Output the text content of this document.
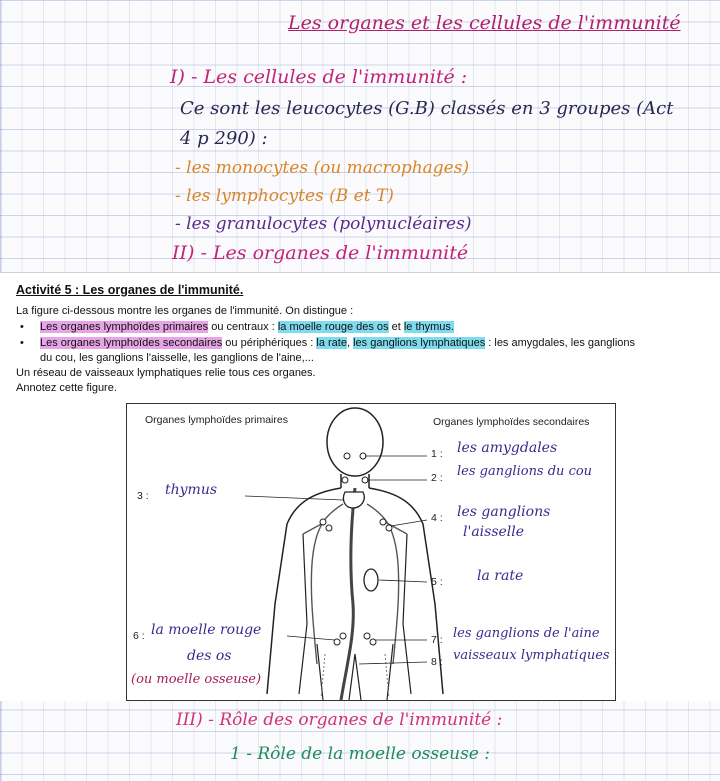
Les organes et les cellules de l'immunité
I) - Les cellules de l'immunité :
Ce sont les leucocytes (G.B) classés en 3 groupes (Act
4 p 290) :
- les monocytes (ou macrophages)
- les lymphocytes (B et T)
- les granulocytes (polynucléaires)
II) - Les organes de l'immunité
Activité 5 : Les organes de l'immunité.
La figure ci-dessous montre les organes de l'immunité. On distingue :
• Les organes lymphoïdes primaires ou centraux : la moelle rouge des os et le thymus.
• Les organes lymphoïdes secondaires ou périphériques : la rate, les ganglions lymphatiques : les amygdales, les ganglions
du cou, les ganglions l'aisselle, les ganglions de l'aine,...
Un réseau de vaisseaux lymphatiques relie tous ces organes.
Annotez cette figure.
Organes lymphoïdes primaires	Organes lymphoïdes secondaires
1 : les amygdales
2 : les ganglions du cou
3 : thymus
4 : les ganglions
l'aisselle
5 : la rate
6 : la moelle rouge
des os
(ou moelle osseuse)
7 : les ganglions de l'aine
8 : vaisseaux lymphatiques
III) - Rôle des organes de l'immunité :
1 - Rôle de la moelle osseuse :
